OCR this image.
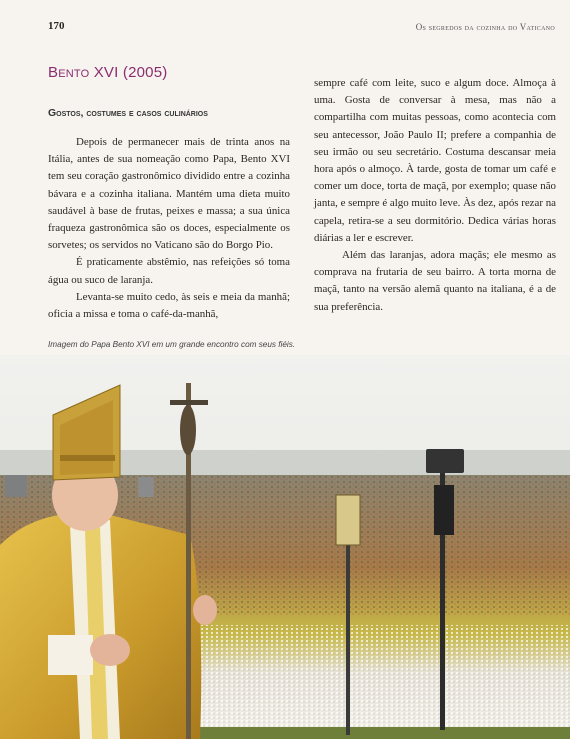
170	Os segredos da cozinha do Vaticano
Bento XVI (2005)
Gostos, costumes e casos culinários

Depois de permanecer mais de trinta anos na Itália, antes de sua nomeação como Papa, Bento XVI tem seu coração gastronômico dividido entre a cozinha bávara e a cozinha italiana. Mantém uma dieta muito saudável à base de frutas, peixes e massa; a sua única fraqueza gastronômica são os doces, especialmente os sorvetes; os servidos no Vaticano são do Borgo Pio.

É praticamente abstêmio, nas refeições só toma água ou suco de laranja.

Levanta-se muito cedo, às seis e meia da manhã; oficia a missa e toma o café-da-manhã,

sempre café com leite, suco e algum doce. Almoça à uma. Gosta de conversar à mesa, mas não a compartilha com muitas pessoas, como acontecia com seu antecessor, João Paulo II; prefere a companhia de seu irmão ou seu secretário. Costuma descansar meia hora após o almoço. À tarde, gosta de tomar um café e comer um doce, torta de maçã, por exemplo; quase não janta, e sempre é algo muito leve. Às dez, após rezar na capela, retira-se a seu dormitório. Dedica várias horas diárias a ler e escrever.

Além das laranjas, adora maçãs; ele mesmo as comprava na frutaria de seu bairro. A torta morna de maçã, tanto na versão alemã quanto na italiana, é a de sua preferência.

Imagem do Papa Bento XVI em um grande encontro com seus fiéis.
